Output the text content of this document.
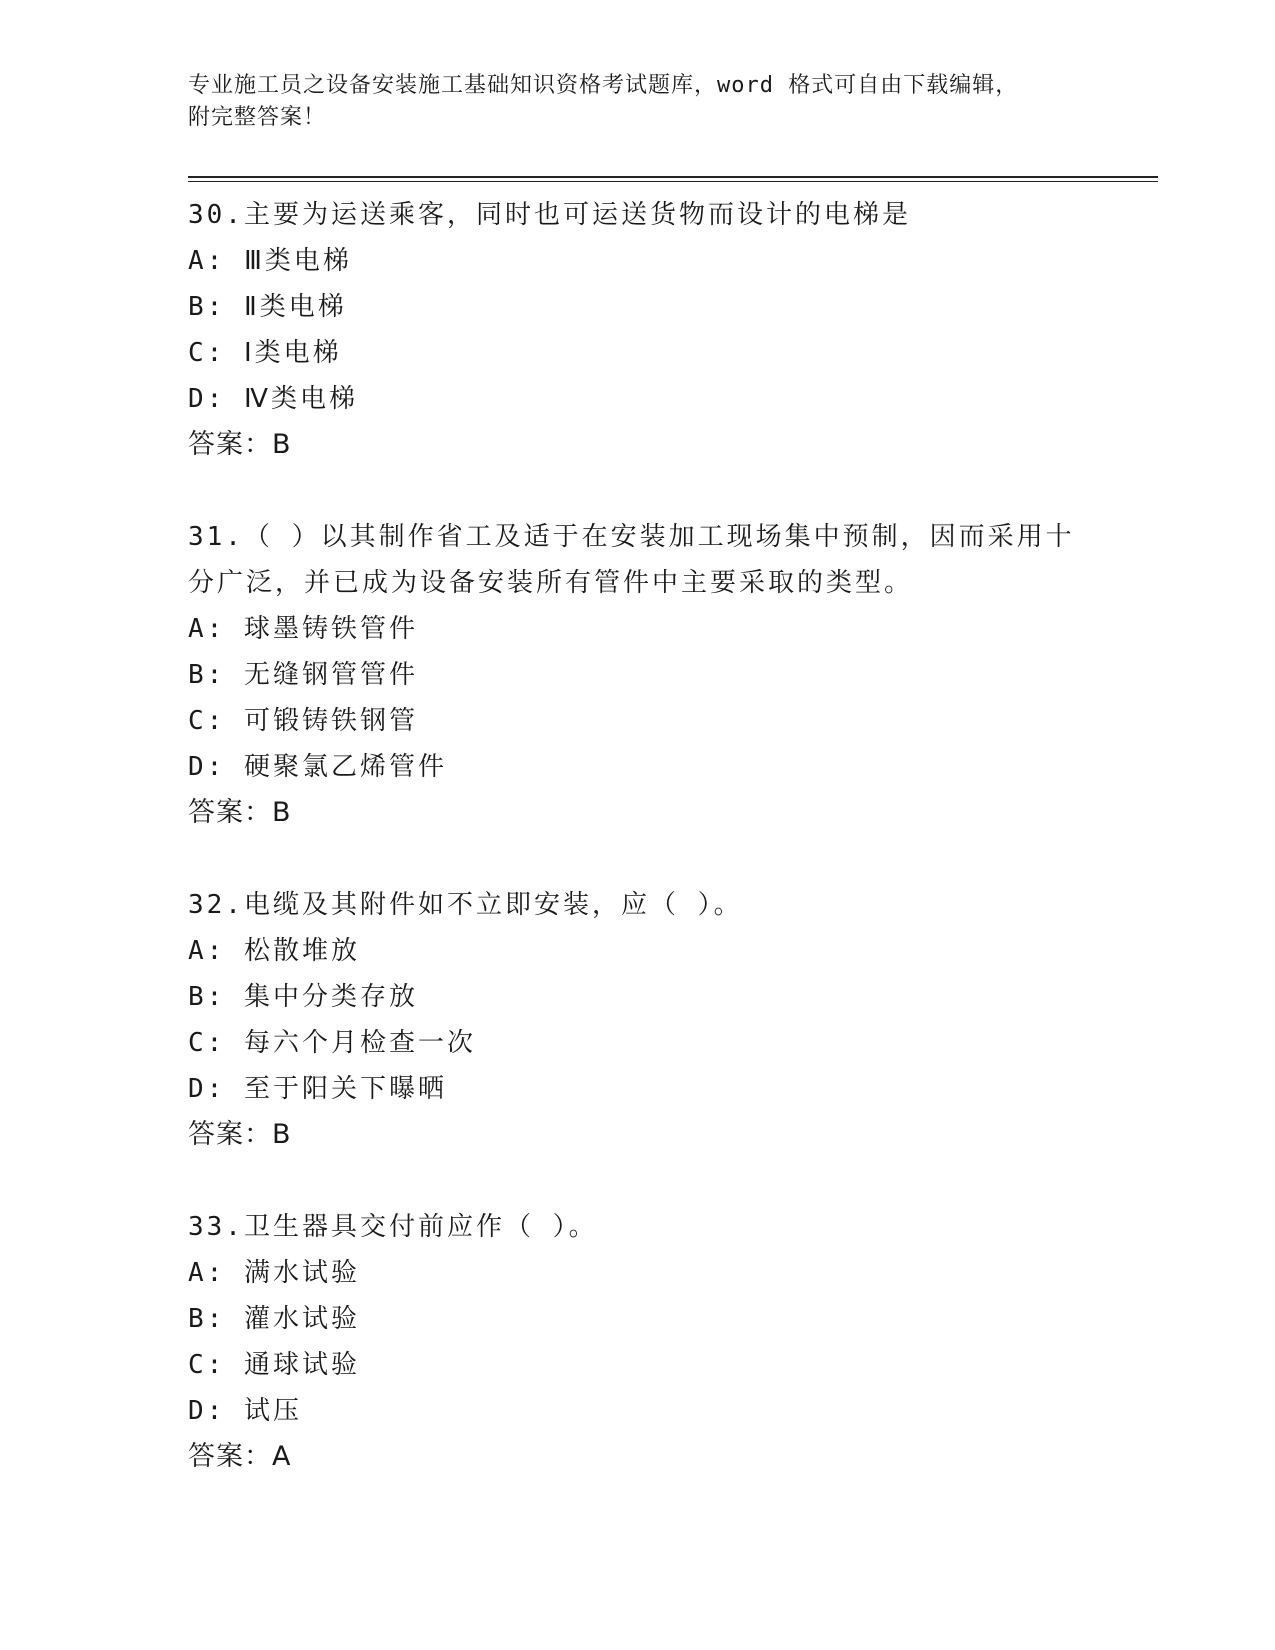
专业施工员之设备安装施工基础知识资格考试题库，word 格式可自由下载编辑，

附完整答案！

30.主要为运送乘客，同时也可运送货物而设计的电梯是

A: Ⅲ类电梯

B: Ⅱ类电梯

C: Ⅰ类电梯

D: Ⅳ类电梯

答案：B

31.（ ）以其制作省工及适于在安装加工现场集中预制，因而采用十分广泛，并已成为设备安装所有管件中主要采取的类型。

A: 球墨铸铁管件

B: 无缝钢管管件

C: 可锻铸铁钢管

D: 硬聚氯乙烯管件

答案：B

32.电缆及其附件如不立即安装，应（ ）。

A: 松散堆放

B: 集中分类存放

C: 每六个月检查一次

D: 至于阳关下曝晒

答案：B

33.卫生器具交付前应作（ ）。

A: 满水试验

B: 灌水试验

C: 通球试验

D: 试压

答案：A
